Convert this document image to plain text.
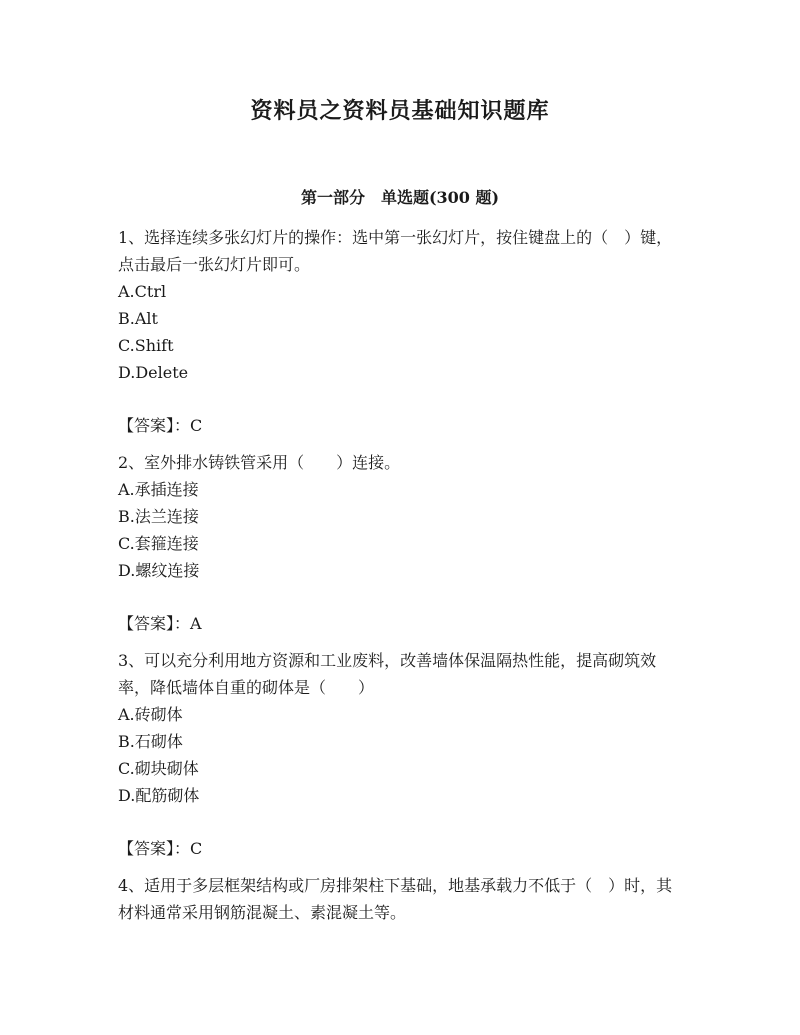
资料员之资料员基础知识题库
第一部分　单选题(300 题)

1、选择连续多张幻灯片的操作：选中第一张幻灯片，按住键盘上的（　）键，点击最后一张幻灯片即可。

A.Ctrl

B.Alt

C.Shift

D.Delete

【答案】：C

2、室外排水铸铁管采用（　　）连接。

A.承插连接

B.法兰连接

C.套箍连接

D.螺纹连接

【答案】：A

3、可以充分利用地方资源和工业废料，改善墙体保温隔热性能，提高砌筑效率，降低墙体自重的砌体是（　　）

A.砖砌体

B.石砌体

C.砌块砌体

D.配筋砌体

【答案】：C

4、适用于多层框架结构或厂房排架柱下基础，地基承载力不低于（　）时，其材料通常采用钢筋混凝土、素混凝土等。
